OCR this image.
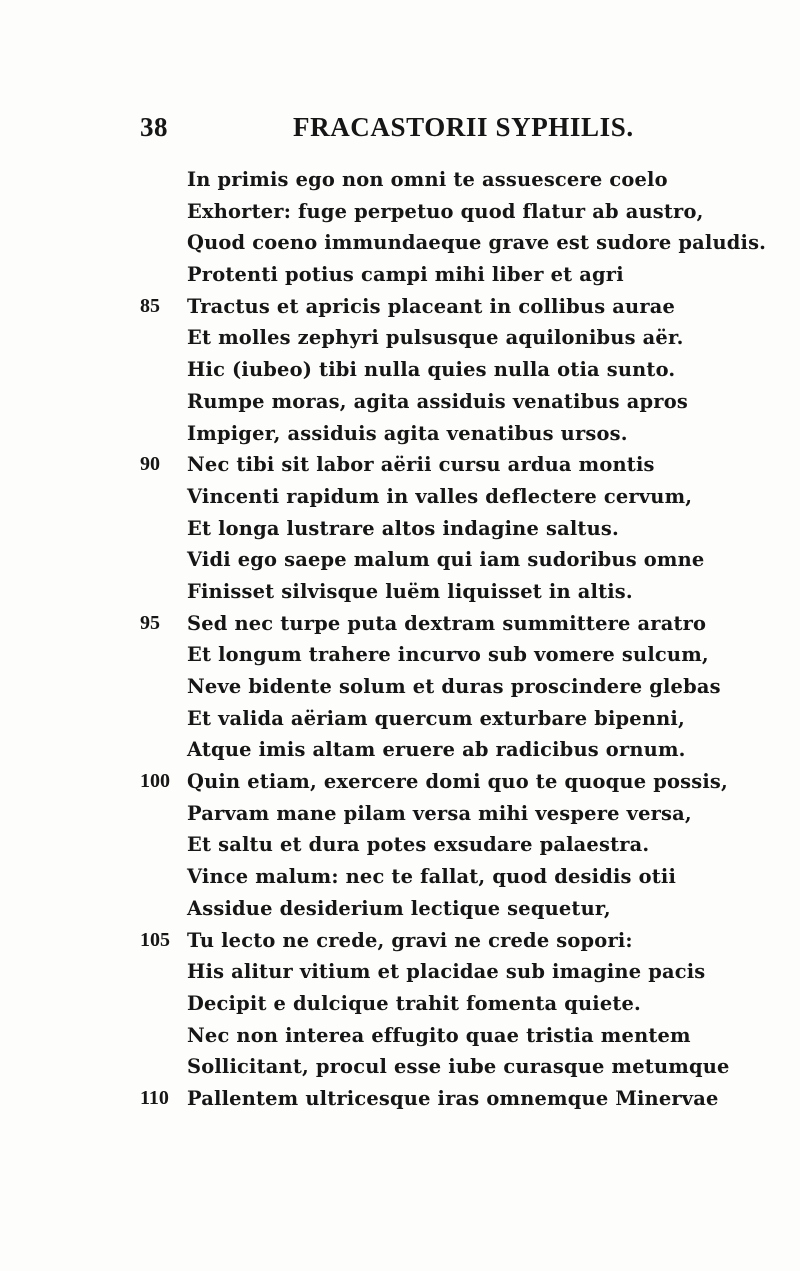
38	FRACASTORII SYPHILIS.
In primis ego non omni te assuescere coelo
Exhorter: fuge perpetuo quod flatur ab austro,
Quod coeno immundaeque grave est sudore paludis.
Protenti potius campi mihi liber et agri
85	Tractus et apricis placeant in collibus aurae
Et molles zephyri pulsusque aquilonibus aër.
Hic (iubeo) tibi nulla quies nulla otia sunto.
Rumpe moras, agita assiduis venatibus apros
Impiger, assiduis agita venatibus ursos.
90	Nec tibi sit labor aërii cursu ardua montis
Vincenti rapidum in valles deflectere cervum,
Et longa lustrare altos indagine saltus.
Vidi ego saepe malum qui iam sudoribus omne
Finisset silvisque luëm liquisset in altis.
95	Sed nec turpe puta dextram summittere aratro
Et longum trahere incurvo sub vomere sulcum,
Neve bidente solum et duras proscindere glebas
Et valida aëriam quercum exturbare bipenni,
Atque imis altam eruere ab radicibus ornum.
100 Quin etiam, exercere domi quo te quoque possis,
Parvam mane pilam versa mihi vespere versa,
Et saltu et dura potes exsudare palaestra.
Vince malum: nec te fallat, quod desidis otii
Assidue desiderium lectique sequetur,
105 Tu lecto ne crede, gravi ne crede sopori:
His alitur vitium et placidae sub imagine pacis
Decipit e dulcique trahit fomenta quiete.
Nec non interea effugito quae tristia mentem
Sollicitant, procul esse iube curasque metumque
110 Pallentem ultricesque iras omnemque Minervae
